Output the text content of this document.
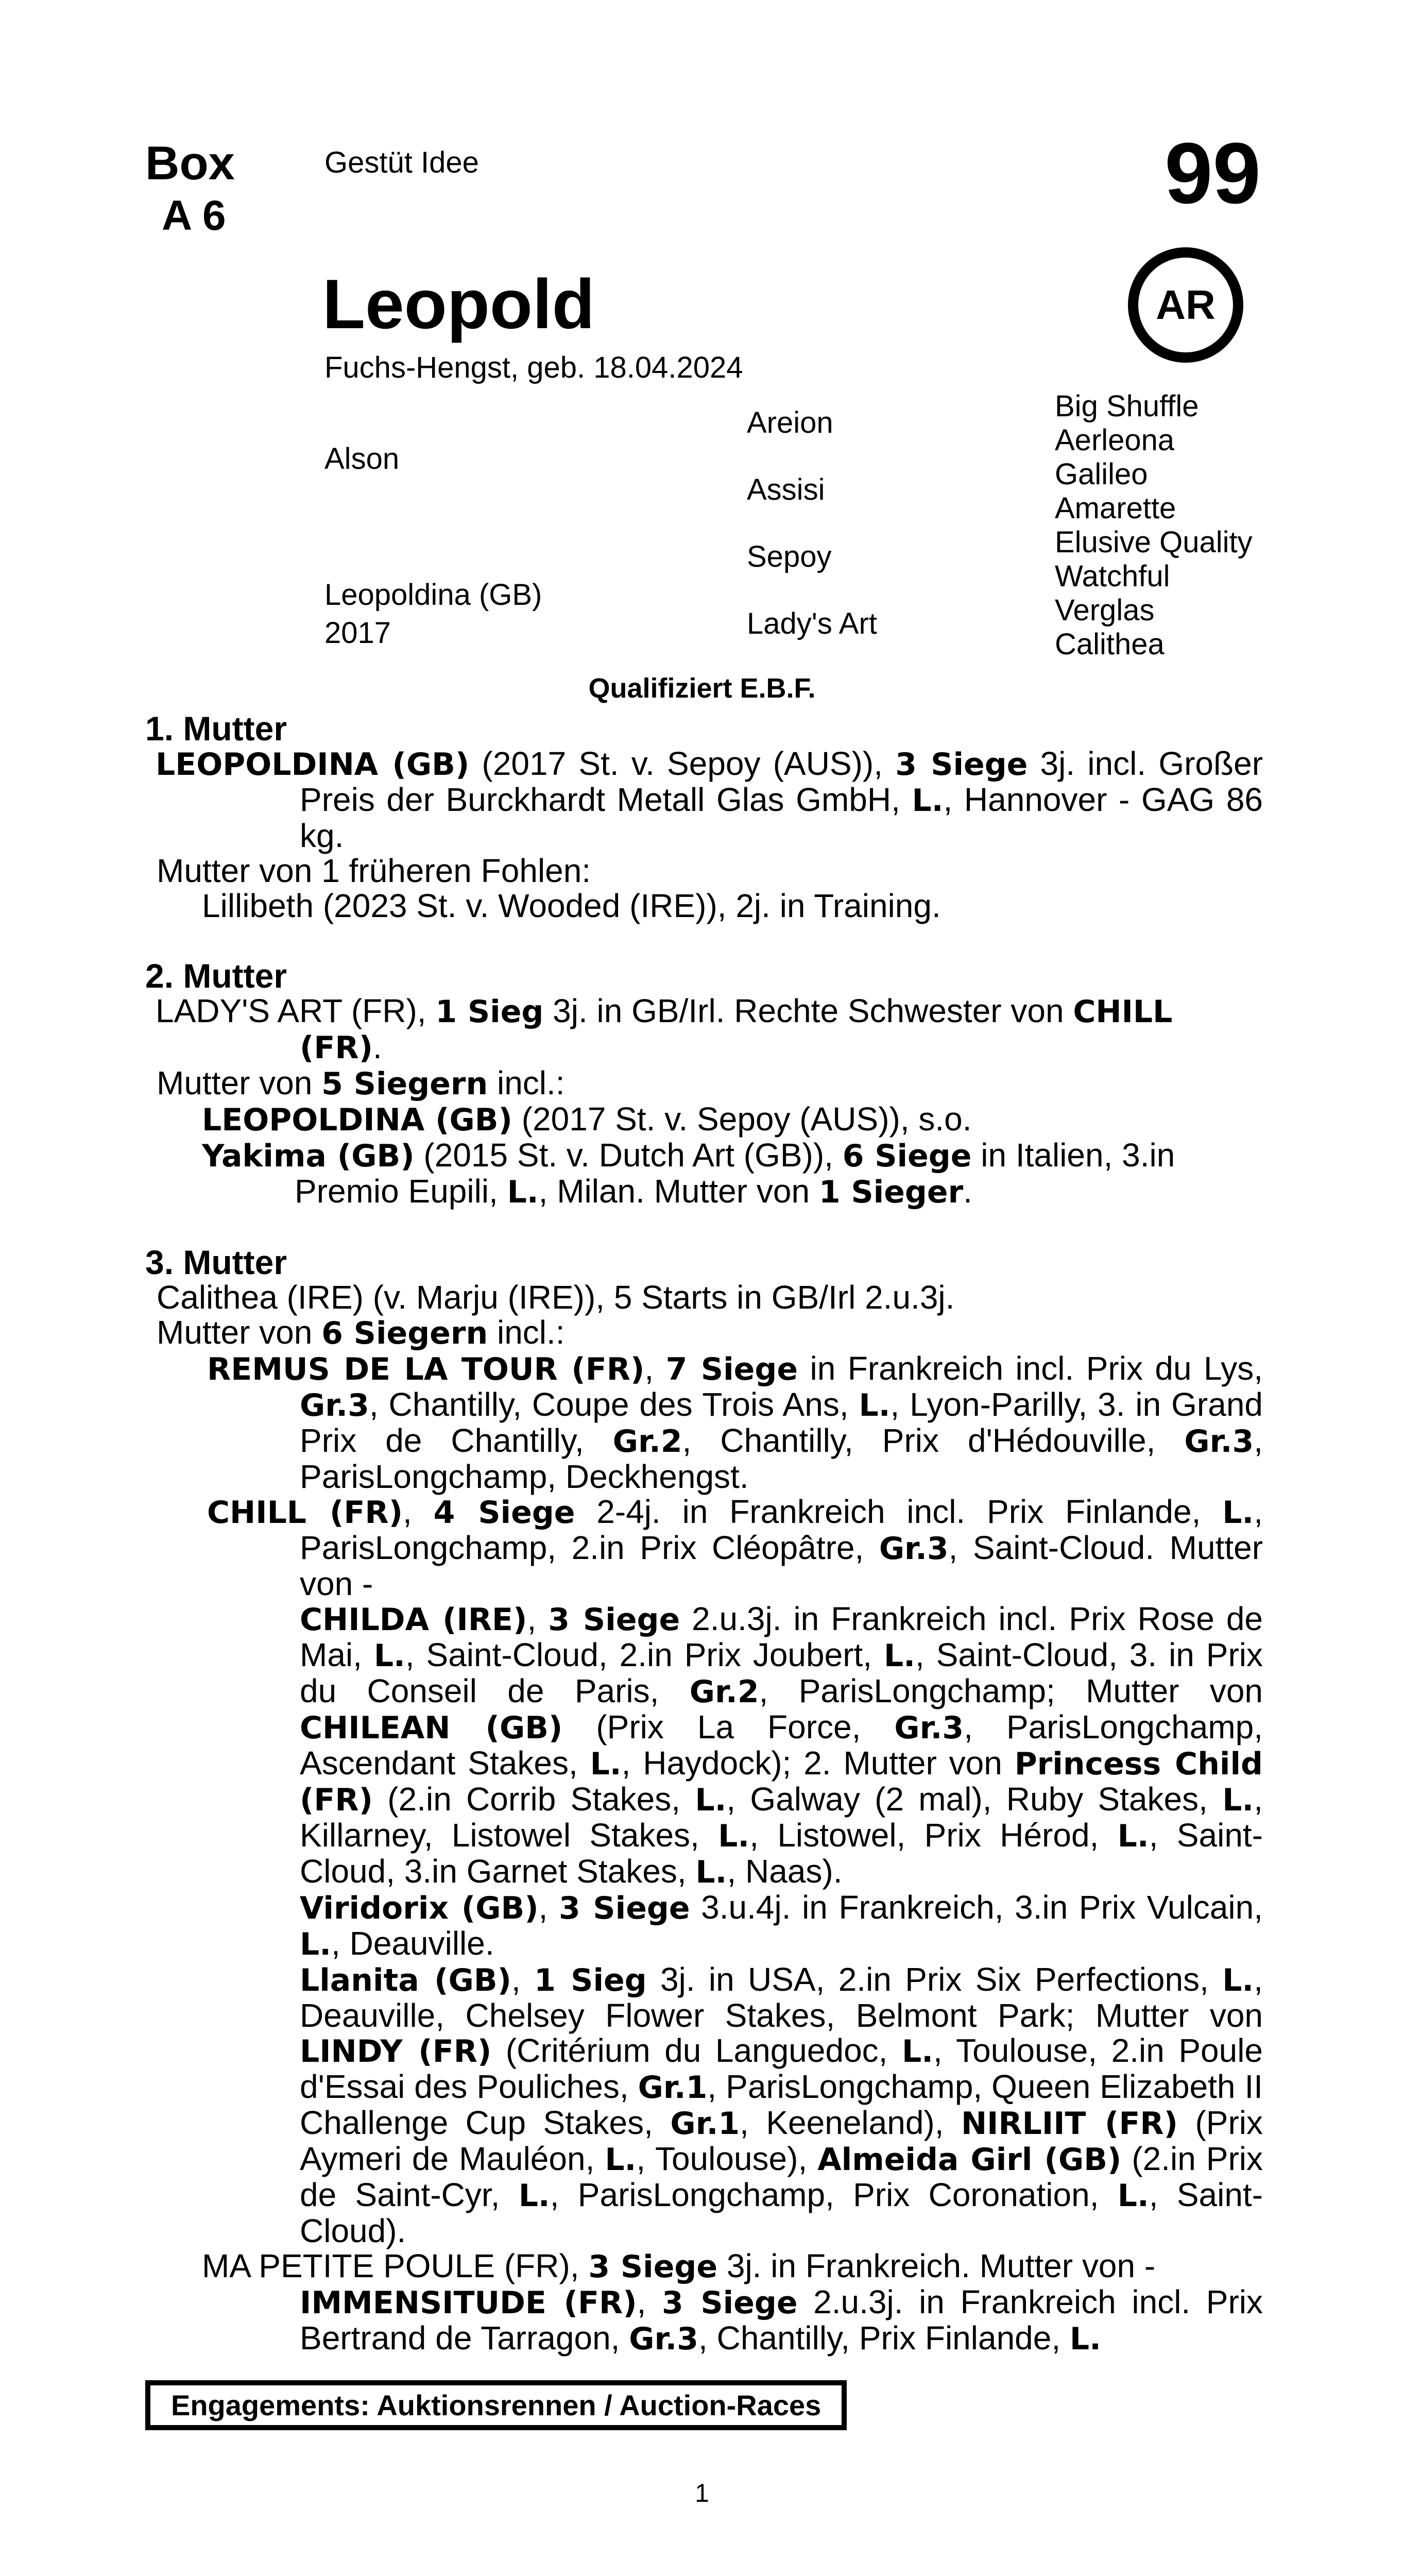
Box
A 6
Gestüt Idee	99
AR
Leopold
Fuchs-Hengst, geb. 18.04.2024
Alson
Leopoldina (GB)
2017
Areion
Assisi
Sepoy
Lady's Art
Big Shuffle
Aerleona
Galileo
Amarette
Elusive Quality
Watchful
Verglas
Calithea
Qualifiziert E.B.F.
1. Mutter
LEOPOLDINA (GB) (2017 St. v. Sepoy (AUS)), 3 Siege 3j. incl. Großer Preis der Burckhardt Metall Glas GmbH, L., Hannover - GAG 86 kg.
Mutter von 1 früheren Fohlen:
Lillibeth (2023 St. v. Wooded (IRE)), 2j. in Training.
2. Mutter
LADY'S ART (FR), 1 Sieg 3j. in GB/Irl. Rechte Schwester von CHILL (FR).
Mutter von 5 Siegern incl.:
LEOPOLDINA (GB) (2017 St. v. Sepoy (AUS)), s.o.
Yakima (GB) (2015 St. v. Dutch Art (GB)), 6 Siege in Italien, 3.in Premio Eupili, L., Milan. Mutter von 1 Sieger.
3. Mutter
Calithea (IRE) (v. Marju (IRE)), 5 Starts in GB/Irl 2.u.3j.
Mutter von 6 Siegern incl.:
REMUS DE LA TOUR (FR), 7 Siege in Frankreich incl. Prix du Lys, Gr.3, Chantilly, Coupe des Trois Ans, L., Lyon-Parilly, 3. in Grand Prix de Chantilly, Gr.2, Chantilly, Prix d'Hédouville, Gr.3, ParisLongchamp, Deckhengst.
CHILL (FR), 4 Siege 2-4j. in Frankreich incl. Prix Finlande, L., ParisLongchamp, 2.in Prix Cléopâtre, Gr.3, Saint-Cloud. Mutter von -
CHILDA (IRE), 3 Siege 2.u.3j. in Frankreich incl. Prix Rose de Mai, L., Saint-Cloud, 2.in Prix Joubert, L., Saint-Cloud, 3. in Prix du Conseil de Paris, Gr.2, ParisLongchamp; Mutter von CHILEAN (GB) (Prix La Force, Gr.3, ParisLongchamp, Ascendant Stakes, L., Haydock); 2. Mutter von Princess Child (FR) (2.in Corrib Stakes, L., Galway (2 mal), Ruby Stakes, L., Killarney, Listowel Stakes, L., Listowel, Prix Hérod, L., Saint-Cloud, 3.in Garnet Stakes, L., Naas).
Viridorix (GB), 3 Siege 3.u.4j. in Frankreich, 3.in Prix Vulcain, L., Deauville.
Llanita (GB), 1 Sieg 3j. in USA, 2.in Prix Six Perfections, L., Deauville, Chelsey Flower Stakes, Belmont Park; Mutter von LINDY (FR) (Critérium du Languedoc, L., Toulouse, 2.in Poule d'Essai des Pouliches, Gr.1, ParisLongchamp, Queen Elizabeth II Challenge Cup Stakes, Gr.1, Keeneland), NIRLIIT (FR) (Prix Aymeri de Mauléon, L., Toulouse), Almeida Girl (GB) (2.in Prix de Saint-Cyr, L., ParisLongchamp, Prix Coronation, L., Saint-Cloud).
MA PETITE POULE (FR), 3 Siege 3j. in Frankreich. Mutter von -
IMMENSITUDE (FR), 3 Siege 2.u.3j. in Frankreich incl. Prix Bertrand de Tarragon, Gr.3, Chantilly, Prix Finlande, L.
Engagements: Auktionsrennen / Auction-Races
1
